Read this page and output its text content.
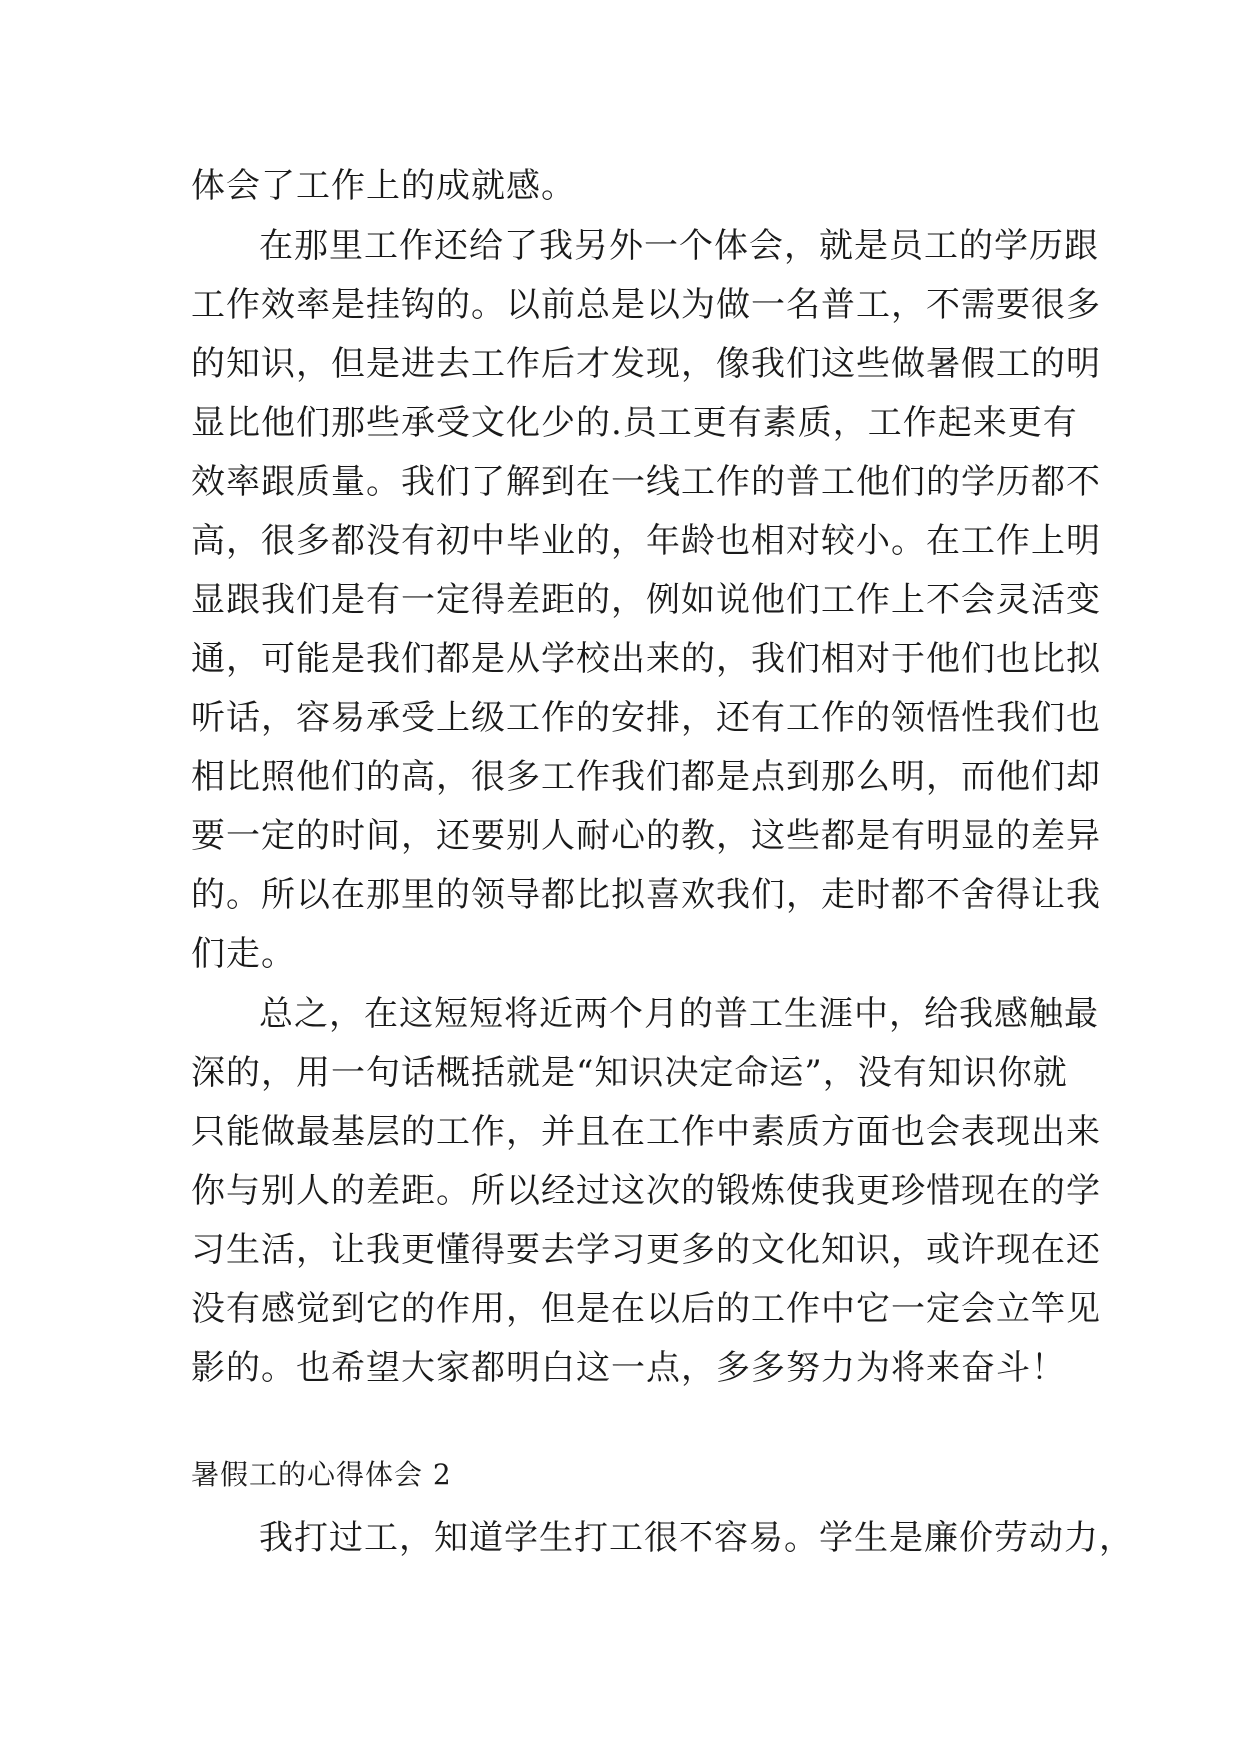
体会了工作上的成就感。
在那里工作还给了我另外一个体会，就是员工的学历跟
工作效率是挂钩的。以前总是以为做一名普工，不需要很多
的知识，但是进去工作后才发现，像我们这些做暑假工的明
显比他们那些承受文化少的.员工更有素质，工作起来更有
效率跟质量。我们了解到在一线工作的普工他们的学历都不
高，很多都没有初中毕业的，年龄也相对较小。在工作上明
显跟我们是有一定得差距的，例如说他们工作上不会灵活变
通，可能是我们都是从学校出来的，我们相对于他们也比拟
听话，容易承受上级工作的安排，还有工作的领悟性我们也
相比照他们的高，很多工作我们都是点到那么明，而他们却
要一定的时间，还要别人耐心的教，这些都是有明显的差异
的。所以在那里的领导都比拟喜欢我们，走时都不舍得让我
们走。
总之，在这短短将近两个月的普工生涯中，给我感触最
深的，用一句话概括就是“知识决定命运”，没有知识你就
只能做最基层的工作，并且在工作中素质方面也会表现出来
你与别人的差距。所以经过这次的锻炼使我更珍惜现在的学
习生活，让我更懂得要去学习更多的文化知识，或许现在还
没有感觉到它的作用，但是在以后的工作中它一定会立竿见
影的。也希望大家都明白这一点，多多努力为将来奋斗！
暑假工的心得体会 2
我打过工，知道学生打工很不容易。学生是廉价劳动力，
